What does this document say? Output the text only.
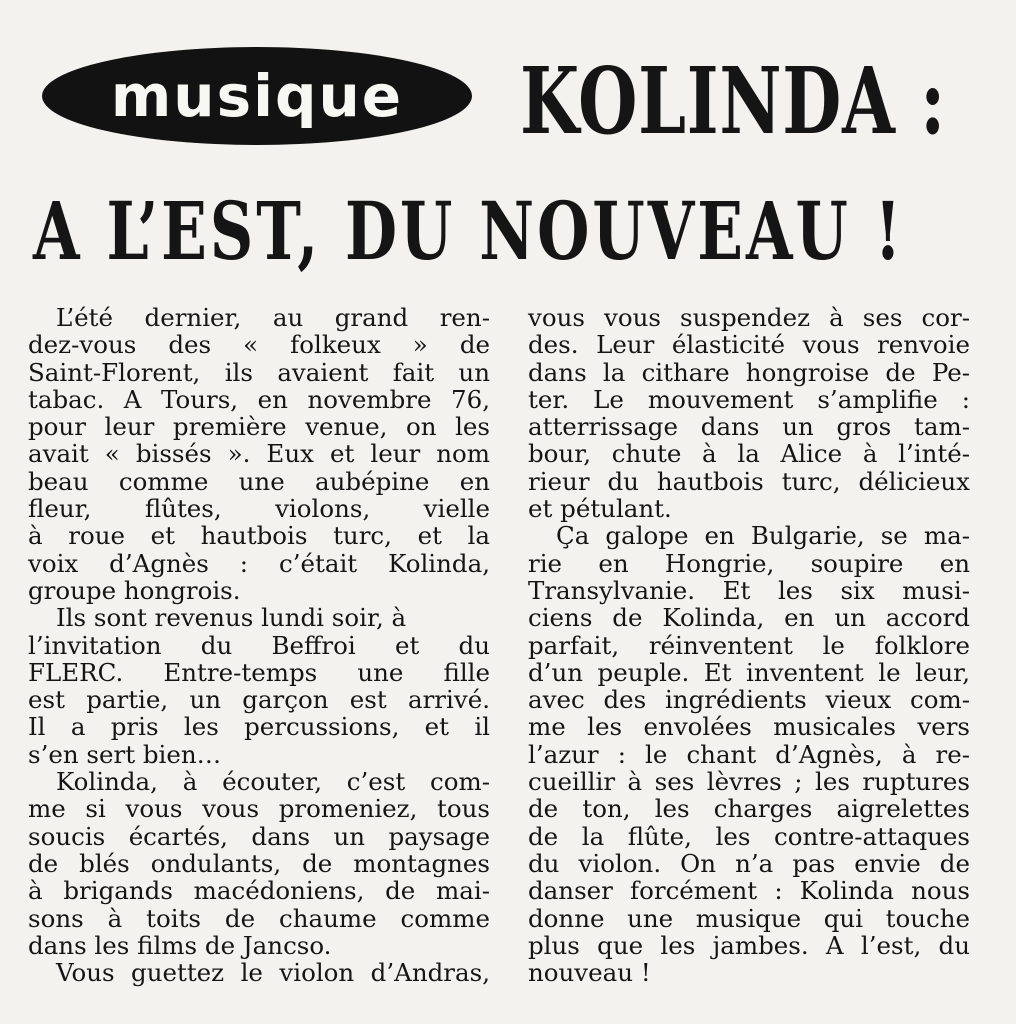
musique	KOLINDA :
A L’EST, DU NOUVEAU !
L’été dernier, au grand ren-
dez-vous des « folkeux » de
Saint-Florent, ils avaient fait un
tabac. A Tours, en novembre 76,
pour leur première venue, on les
avait « bissés ». Eux et leur nom
beau comme une aubépine en
fleur, flûtes, violons, vielle
à roue et hautbois turc, et la
voix d’Agnès : c’était Kolinda,
groupe hongrois.
Ils sont revenus lundi soir, à
l’invitation du Beffroi et du
FLERC. Entre-temps une fille
est partie, un garçon est arrivé.
Il a pris les percussions, et il
s’en sert bien…
Kolinda, à écouter, c’est com-
me si vous vous promeniez, tous
soucis écartés, dans un paysage
de blés ondulants, de montagnes
à brigands macédoniens, de mai-
sons à toits de chaume comme
dans les films de Jancso.
Vous guettez le violon d’Andras,
vous vous suspendez à ses cor-
des. Leur élasticité vous renvoie
dans la cithare hongroise de Pe-
ter. Le mouvement s’amplifie :
atterrissage dans un gros tam-
bour, chute à la Alice à l’inté-
rieur du hautbois turc, délicieux
et pétulant.
Ça galope en Bulgarie, se ma-
rie en Hongrie, soupire en
Transylvanie. Et les six musi-
ciens de Kolinda, en un accord
parfait, réinventent le folklore
d’un peuple. Et inventent le leur,
avec des ingrédients vieux com-
me les envolées musicales vers
l’azur : le chant d’Agnès, à re-
cueillir à ses lèvres ; les ruptures
de ton, les charges aigrelettes
de la flûte, les contre-attaques
du violon. On n’a pas envie de
danser forcément : Kolinda nous
donne une musique qui touche
plus que les jambes. A l’est, du
nouveau !
